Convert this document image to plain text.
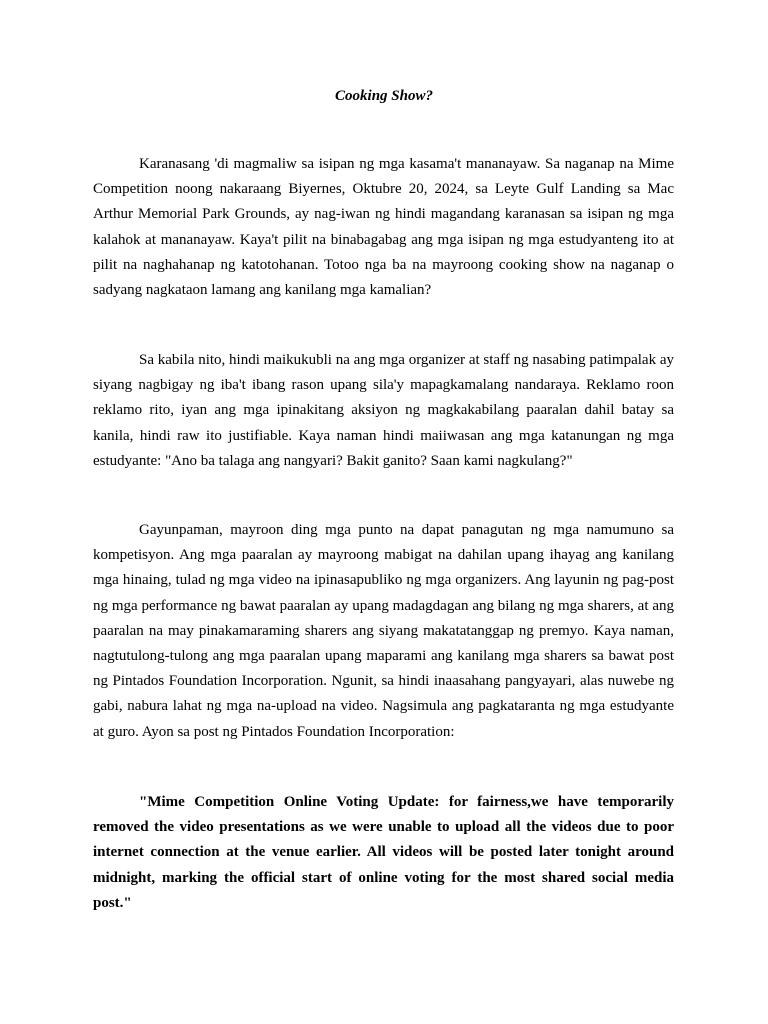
Cooking Show?

Karanasang 'di magmaliw sa isipan ng mga kasama't mananayaw. Sa naganap na Mime Competition noong nakaraang Biyernes, Oktubre 20, 2024, sa Leyte Gulf Landing sa Mac Arthur Memorial Park Grounds, ay nag-iwan ng hindi magandang karanasan sa isipan ng mga kalahok at mananayaw. Kaya't pilit na binabagabag ang mga isipan ng mga estudyanteng ito at pilit na naghahanap ng katotohanan. Totoo nga ba na mayroong cooking show na naganap o sadyang nagkataon lamang ang kanilang mga kamalian?

Sa kabila nito, hindi maikukubli na ang mga organizer at staff ng nasabing patimpalak ay siyang nagbigay ng iba't ibang rason upang sila'y mapagkamalang nandaraya. Reklamo roon reklamo rito, iyan ang mga ipinakitang aksiyon ng magkakabilang paaralan dahil batay sa kanila, hindi raw ito justifiable. Kaya naman hindi maiiwasan ang mga katanungan ng mga estudyante: "Ano ba talaga ang nangyari? Bakit ganito? Saan kami nagkulang?"

Gayunpaman, mayroon ding mga punto na dapat panagutan ng mga namumuno sa kompetisyon. Ang mga paaralan ay mayroong mabigat na dahilan upang ihayag ang kanilang mga hinaing, tulad ng mga video na ipinasapubliko ng mga organizers. Ang layunin ng pag-post ng mga performance ng bawat paaralan ay upang madagdagan ang bilang ng mga sharers, at ang paaralan na may pinakamaraming sharers ang siyang makatatanggap ng premyo. Kaya naman, nagtutulong-tulong ang mga paaralan upang maparami ang kanilang mga sharers sa bawat post ng Pintados Foundation Incorporation. Ngunit, sa hindi inaasahang pangyayari, alas nuwebe ng gabi, nabura lahat ng mga na-upload na video. Nagsimula ang pagkataranta ng mga estudyante at guro. Ayon sa post ng Pintados Foundation Incorporation:

"Mime Competition Online Voting Update: for fairness,we have temporarily removed the video presentations as we were unable to upload all the videos due to poor internet connection at the venue earlier. All videos will be posted later tonight around midnight, marking the official start of online voting for the most shared social media post."
